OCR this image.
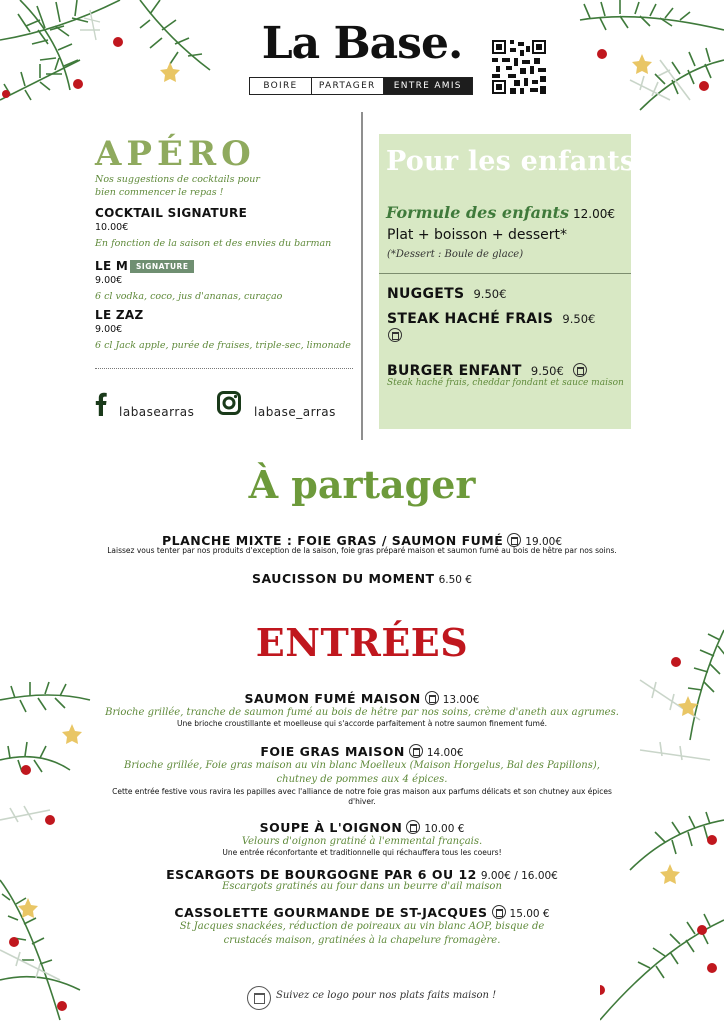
La Base.
BOIRE	PARTAGER	ENTRE AMIS
APÉRO
Nos suggestions de cocktails pour
bien commencer le repas !
COCKTAIL SIGNATURE
10.00€
En fonction de la saison et des envies du barman
LE M	SIGNATURE
9.00€
6 cl vodka, coco, jus d'ananas, curaçao
LE ZAZ
9.00€
6 cl Jack apple, purée de fraises, triple-sec, limonade
labasearras	labase_arras
Pour les enfants
Formule des enfants 12.00€
Plat + boisson + dessert*
(*Dessert : Boule de glace)
NUGGETS 9.50€
STEAK HACHÉ FRAIS 9.50€
BURGER ENFANT 9.50€
Steak haché frais, cheddar fondant et sauce maison
À partager
PLANCHE MIXTE : FOIE GRAS / SAUMON FUMÉ 19.00€
Laissez vous tenter par nos produits d'exception de la saison, foie gras préparé maison et saumon fumé au bois de hêtre par nos soins.
SAUCISSON DU MOMENT 6.50 €
ENTRÉES
SAUMON FUMÉ MAISON 13.00€
Brioche grillée, tranche de saumon fumé au bois de hêtre par nos soins, crème d'aneth aux agrumes.
Une brioche croustillante et moelleuse qui s'accorde parfaitement à notre saumon finement fumé.
FOIE GRAS MAISON 14.00€
Brioche grillée, Foie gras maison au vin blanc Moelleux (Maison Horgelus, Bal des Papillons),
chutney de pommes aux 4 épices.
Cette entrée festive vous ravira les papilles avec l'alliance de notre foie gras maison aux parfums délicats et son chutney aux épices
d'hiver.
SOUPE À L'OIGNON 10.00 €
Velours d'oignon gratiné à l'emmental français.
Une entrée réconfortante et traditionnelle qui réchauffera tous les coeurs!
ESCARGOTS DE BOURGOGNE PAR 6 OU 12 9.00€ / 16.00€
Escargots gratinés au four dans un beurre d'ail maison
CASSOLETTE GOURMANDE DE ST-JACQUES 15.00 €
St Jacques snackées, réduction de poireaux au vin blanc AOP, bisque de
crustacés maison, gratinées à la chapelure fromagère.
Suivez ce logo pour nos plats faits maison !
